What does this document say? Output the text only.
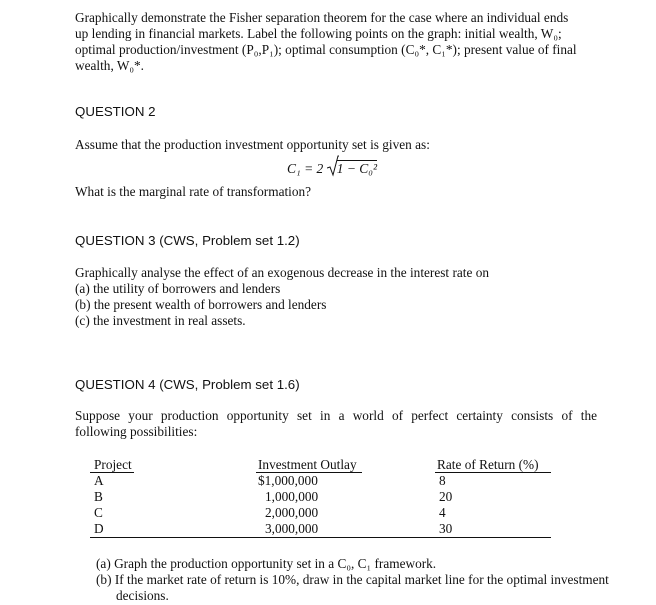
Graphically demonstrate the Fisher separation theorem for the case where an individual ends
up lending in financial markets. Label the following points on the graph: initial wealth, W₀;
optimal production/investment (P₀,P₁); optimal consumption (C₀*, C₁*); present value of final
wealth, W₀*.
QUESTION 2
Assume that the production investment opportunity set is given as:
C₁ = 2 1 − C₀²
What is the marginal rate of transformation?
QUESTION 3 (CWS, Problem set 1.2)
Graphically analyse the effect of an exogenous decrease in the interest rate on
(a) the utility of borrowers and lenders
(b) the present wealth of borrowers and lenders
(c) the investment in real assets.
QUESTION 4 (CWS, Problem set 1.6)
Suppose your production opportunity set in a world of perfect certainty consists of the
following possibilities:
Project	Investment Outlay	Rate of Return (%)
A	$1,000,000	8
B	1,000,000	20
C	2,000,000	4
D	3,000,000	30
(a) Graph the production opportunity set in a C₀, C₁ framework.
(b) If the market rate of return is 10%, draw in the capital market line for the optimal investment
decisions.
